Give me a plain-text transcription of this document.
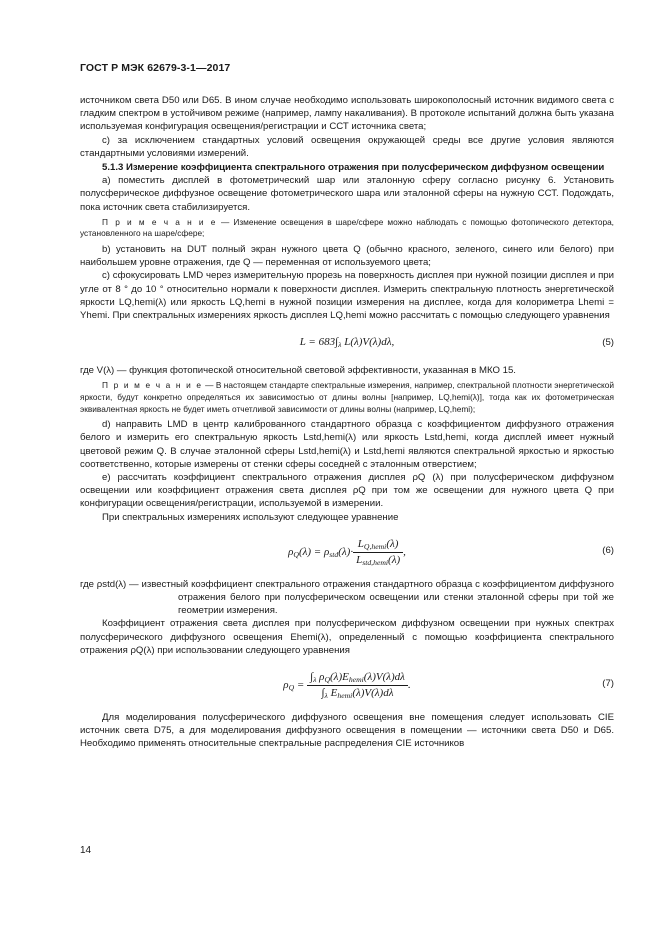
ГОСТ Р МЭК 62679-3-1—2017

источником света D50 или D65. В ином случае необходимо использовать широкополосный источник видимого света с гладким спектром в устойчивом режиме (например, лампу накаливания). В протоколе испытаний должна быть указана используемая конфигурация освещения/регистрации и ССТ источника света;

с) за исключением стандартных условий освещения окружающей среды все другие условия являются стандартными условиями измерений.

5.1.3 Измерение коэффициента спектрального отражения при полусферическом диффузном освещении

а) поместить дисплей в фотометрический шар или эталонную сферу согласно рисунку 6. Установить полусферическое диффузное освещение фотометрического шара или эталонной сферы на нужную ССТ. Подождать, пока источник света стабилизируется.

П р и м е ч а н и е — Изменение освещения в шаре/сфере можно наблюдать с помощью фотопического детектора, установленного на шаре/сфере;

b) установить на DUT полный экран нужного цвета Q (обычно красного, зеленого, синего или белого) при наибольшем уровне отражения, где Q — переменная от используемого цвета;

с) сфокусировать LMD через измерительную прорезь на поверхность дисплея при нужной позиции дисплея и при угле от 8 ° до 10 ° относительно нормали к поверхности дисплея. Измерить спектральную плотность энергетической яркости LQ,hemi(λ) или яркость LQ,hemi в нужной позиции измерения на дисплее, когда для колориметра Lhemi = Yhemi. При спектральных измерениях яркость дисплея LQ,hemi можно рассчитать с помощью следующего уравнения

$L = 683\int_\lambda$ L(λ)V(λ)dλ,	(5)

где V(λ) — функция фотопической относительной световой эффективности, указанная в МКО 15.

П р и м е ч а н и е — В настоящем стандарте спектральные измерения, например, спектральной плотности энергетической яркости, будут конкретно определяться их зависимостью от длины волны [например, LQ,hemi(λ)], тогда как их фотометрическая эквивалентная яркость не будет иметь отчетливой зависимости от длины волны (например, LQ,hemi);

d) направить LMD в центр калиброванного стандартного образца с коэффициентом диффузного отражения белого и измерить его спектральную яркость Lstd,hemi(λ) или яркость Lstd,hemi, когда дисплей имеет нужный цветовой режим Q. В случае эталонной сферы Lstd,hemi(λ) и Lstd,hemi являются спектральной яркостью и яркостью соответственно, которые измерены от стенки сферы соседней с эталонным отверстием;

е) рассчитать коэффициент спектрального отражения дисплея ρQ (λ) при полусферическом диффузном освещении или коэффициент отражения света дисплея ρQ при том же освещении для нужного цвета Q при конфигурации освещения/регистрации, используемой в измерении.

При спектральных измерениях используют следующее уравнение

$\rho_Q(\lambda) = \rho_{std}(\lambda)\cdot \frac{L_{Q,hemi}(\lambda)}{L_{std,hemi}(\lambda)}$ ,	(6)

где ρstd(λ) — известный коэффициент спектрального отражения стандартного образца с коэффициентом диффузного отражения белого при полусферическом освещении или стенки эталонной сферы при той же геометрии измерения.

Коэффициент отражения света дисплея при полусферическом диффузном освещении при нужных спектрах полусферического диффузного освещения Ehemi(λ), определенный с помощью коэффициента спектрального отражения ρQ(λ) при использовании следующего уравнения

$\rho_Q = \frac{\int_\lambda \rho_Q(\lambda)E_{hemi}(\lambda)V(\lambda)d\lambda}{\int_\lambda E_{hemi}(\lambda)V(\lambda)d\lambda}$ .	(7)

Для моделирования полусферического диффузного освещения вне помещения следует использовать CIE источник света D75, а для моделирования диффузного освещения в помещении — источники света D50 и D65. Необходимо применять относительные спектральные распределения CIE источников

14
